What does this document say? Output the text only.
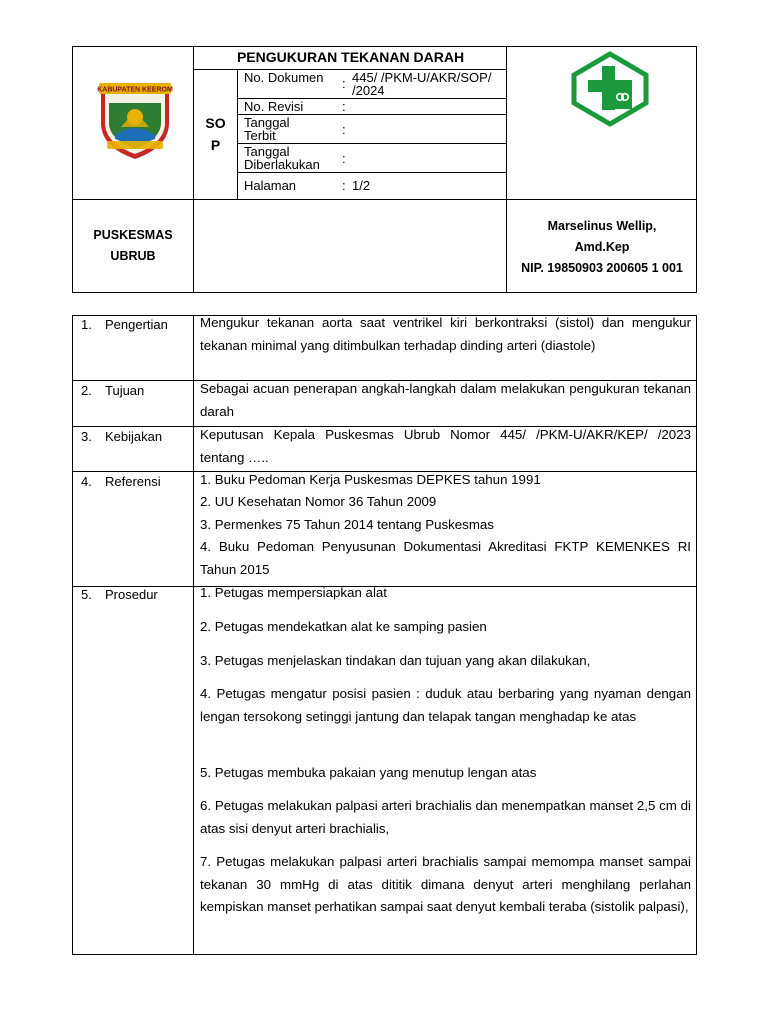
KABUPATEN KEEROM
PENGUKURAN TEKANAN DARAH
SOP
No. Dokumen : 445/ /PKM-U/AKR/SOP/ /2024
No. Revisi	:
Tanggal Terbit	:
Tanggal Diberlakukan	:
Halaman	: 1/2
PUSKESMAS UBRUB
Marselinus Wellip,
Amd.Kep
NIP. 19850903 200605 1 001
1. Pengertian Mengukur tekanan aorta saat ventrikel kiri berkontraksi (sistol) dan mengukur tekanan minimal yang ditimbulkan terhadap dinding arteri (diastole)
2. Tujuan	Sebagai acuan penerapan angkah-langkah dalam melakukan pengukuran tekanan darah
3. Kebijakan	Keputusan Kepala Puskesmas Ubrub Nomor 445/ /PKM-U/AKR/KEP/ /2023 tentang …..
4. Referensi	1. Buku Pedoman Kerja Puskesmas DEPKES tahun 1991
2. UU Kesehatan Nomor 36 Tahun 2009
3. Permenkes 75 Tahun 2014 tentang Puskesmas
4. Buku Pedoman Penyusunan Dokumentasi Akreditasi FKTP KEMENKES RI Tahun 2015
5. Prosedur	1. Petugas mempersiapkan alat
2. Petugas mendekatkan alat ke samping pasien
3. Petugas menjelaskan tindakan dan tujuan yang akan dilakukan,
4. Petugas mengatur posisi pasien : duduk atau berbaring yang nyaman dengan lengan tersokong setinggi jantung dan telapak tangan menghadap ke atas
5. Petugas membuka pakaian yang menutup lengan atas
6. Petugas melakukan palpasi arteri brachialis dan menempatkan manset 2,5 cm di atas sisi denyut arteri brachialis,
7. Petugas melakukan palpasi arteri brachialis sampai memompa manset sampai tekanan 30 mmHg di atas dititik dimana denyut arteri menghilang perlahan kempiskan manset perhatikan sampai saat denyut kembali teraba (sistolik palpasi),
